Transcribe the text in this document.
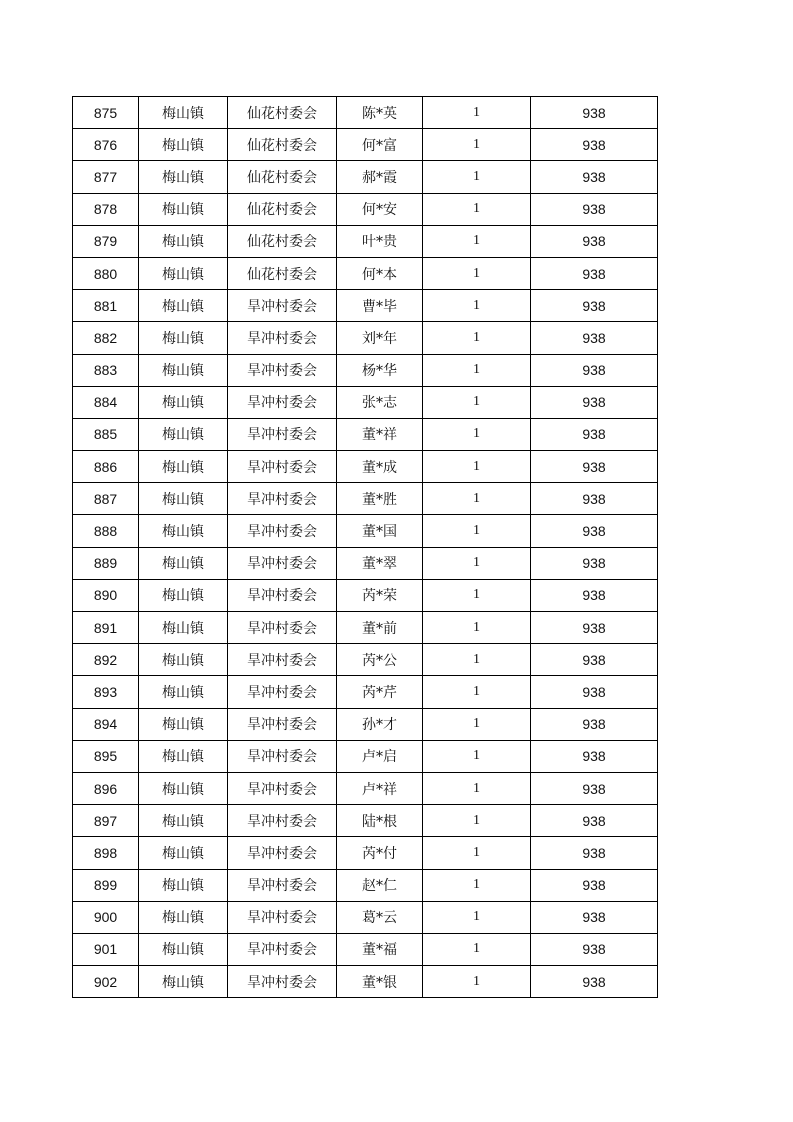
875	梅山镇	仙花村委会	陈*英	1	938
876	梅山镇	仙花村委会	何*富	1	938
877	梅山镇	仙花村委会	郝*霞	1	938
878	梅山镇	仙花村委会	何*安	1	938
879	梅山镇	仙花村委会	叶*贵	1	938
880	梅山镇	仙花村委会	何*本	1	938
881	梅山镇	旱冲村委会	曹*毕	1	938
882	梅山镇	旱冲村委会	刘*年	1	938
883	梅山镇	旱冲村委会	杨*华	1	938
884	梅山镇	旱冲村委会	张*志	1	938
885	梅山镇	旱冲村委会	董*祥	1	938
886	梅山镇	旱冲村委会	董*成	1	938
887	梅山镇	旱冲村委会	董*胜	1	938
888	梅山镇	旱冲村委会	董*国	1	938
889	梅山镇	旱冲村委会	董*翠	1	938
890	梅山镇	旱冲村委会	芮*荣	1	938
891	梅山镇	旱冲村委会	董*前	1	938
892	梅山镇	旱冲村委会	芮*公	1	938
893	梅山镇	旱冲村委会	芮*芹	1	938
894	梅山镇	旱冲村委会	孙*才	1	938
895	梅山镇	旱冲村委会	卢*启	1	938
896	梅山镇	旱冲村委会	卢*祥	1	938
897	梅山镇	旱冲村委会	陆*根	1	938
898	梅山镇	旱冲村委会	芮*付	1	938
899	梅山镇	旱冲村委会	赵*仁	1	938
900	梅山镇	旱冲村委会	葛*云	1	938
901	梅山镇	旱冲村委会	董*福	1	938
902	梅山镇	旱冲村委会	董*银	1	938
